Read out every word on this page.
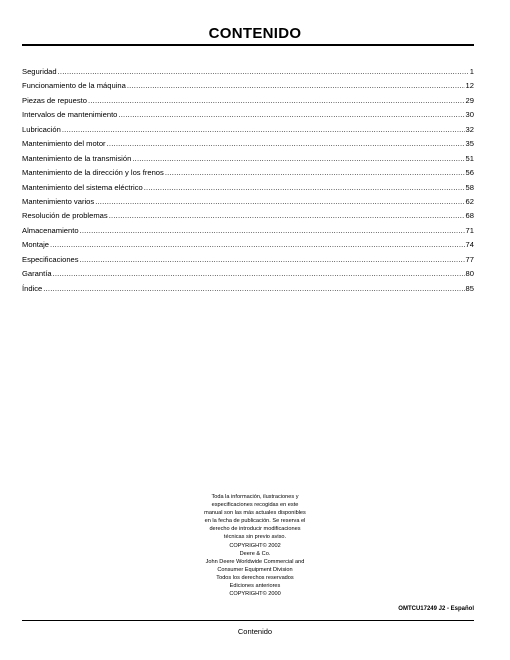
CONTENIDO
Seguridad .....	1
Funcionamiento de la máquina .....	12
Piezas de repuesto .....	29
Intervalos de mantenimiento .....	30
Lubricación .....	32
Mantenimiento del motor .....	35
Mantenimiento de la transmisión .....	51
Mantenimiento de la dirección y los frenos .....	56
Mantenimiento del sistema eléctrico .....	58
Mantenimiento varios .....	62
Resolución de problemas .....	68
Almacenamiento .....	71
Montaje .....	74
Especificaciones .....	77
Garantía .....	80
Índice .....	85
Toda la información, ilustraciones y
especificaciones recogidas en este
manual son las más actuales disponibles
en la fecha de publicación. Se reserva el
derecho de introducir modificaciones
técnicas sin previo aviso.
COPYRIGHT© 2002
Deere & Co.
John Deere Worldwide Commercial and
Consumer Equipment Division
Todos los derechos reservados
Ediciones anteriores
COPYRIGHT© 2000
OMTCU17249 J2 - Español
Contenido
